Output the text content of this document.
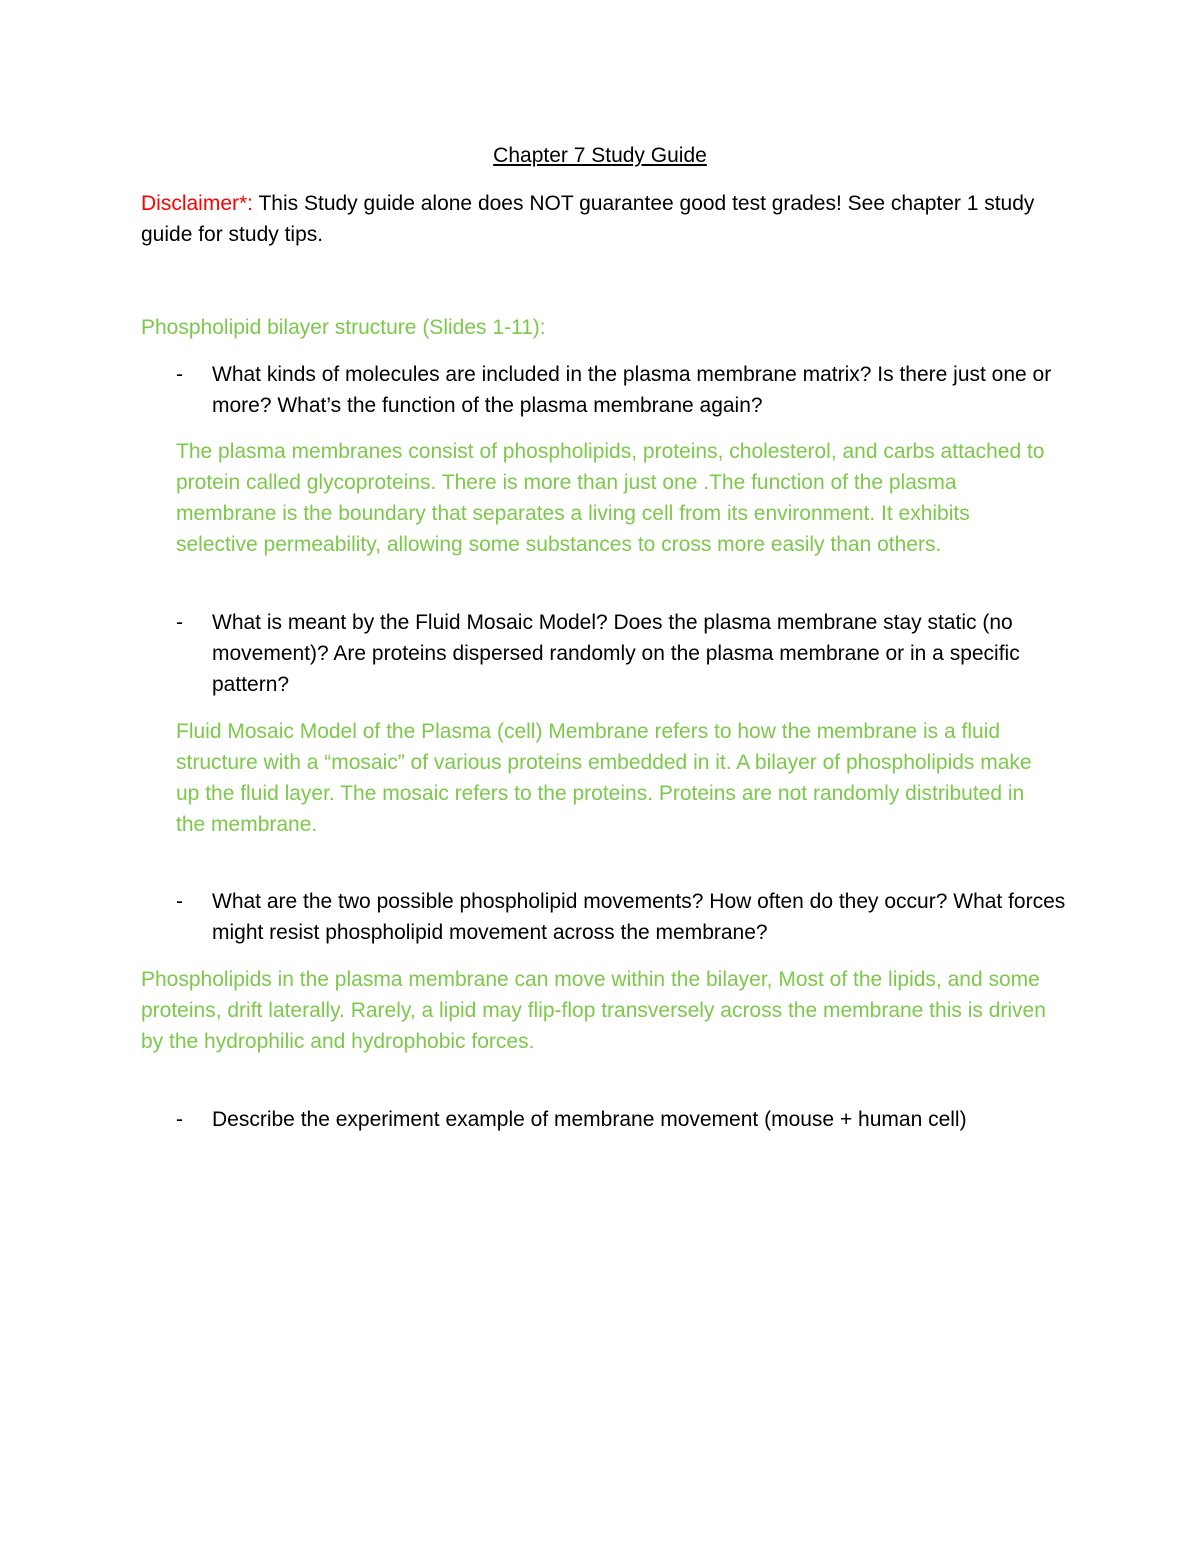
Chapter 7 Study Guide
Disclaimer*: This Study guide alone does NOT guarantee good test grades! See chapter 1 study guide for study tips.
Phospholipid bilayer structure (Slides 1-11):
-	What kinds of molecules are included in the plasma membrane matrix? Is there just one or more? What’s the function of the plasma membrane again?
The plasma membranes consist of phospholipids, proteins, cholesterol, and carbs attached to protein called glycoproteins. There is more than just one .The function of the plasma membrane is the boundary that separates a living cell from its environment. It exhibits selective permeability, allowing some substances to cross more easily than others.
-	What is meant by the Fluid Mosaic Model? Does the plasma membrane stay static (no movement)? Are proteins dispersed randomly on the plasma membrane or in a specific pattern?
Fluid Mosaic Model of the Plasma (cell) Membrane refers to how the membrane is a fluid structure with a “mosaic” of various proteins embedded in it. A bilayer of phospholipids make up the fluid layer. The mosaic refers to the proteins. Proteins are not randomly distributed in the membrane.
-	What are the two possible phospholipid movements? How often do they occur? What forces might resist phospholipid movement across the membrane?
Phospholipids in the plasma membrane can move within the bilayer, Most of the lipids, and some proteins, drift laterally. Rarely, a lipid may flip-flop transversely across the membrane this is driven by the hydrophilic and hydrophobic forces.
-	Describe the experiment example of membrane movement (mouse + human cell)
